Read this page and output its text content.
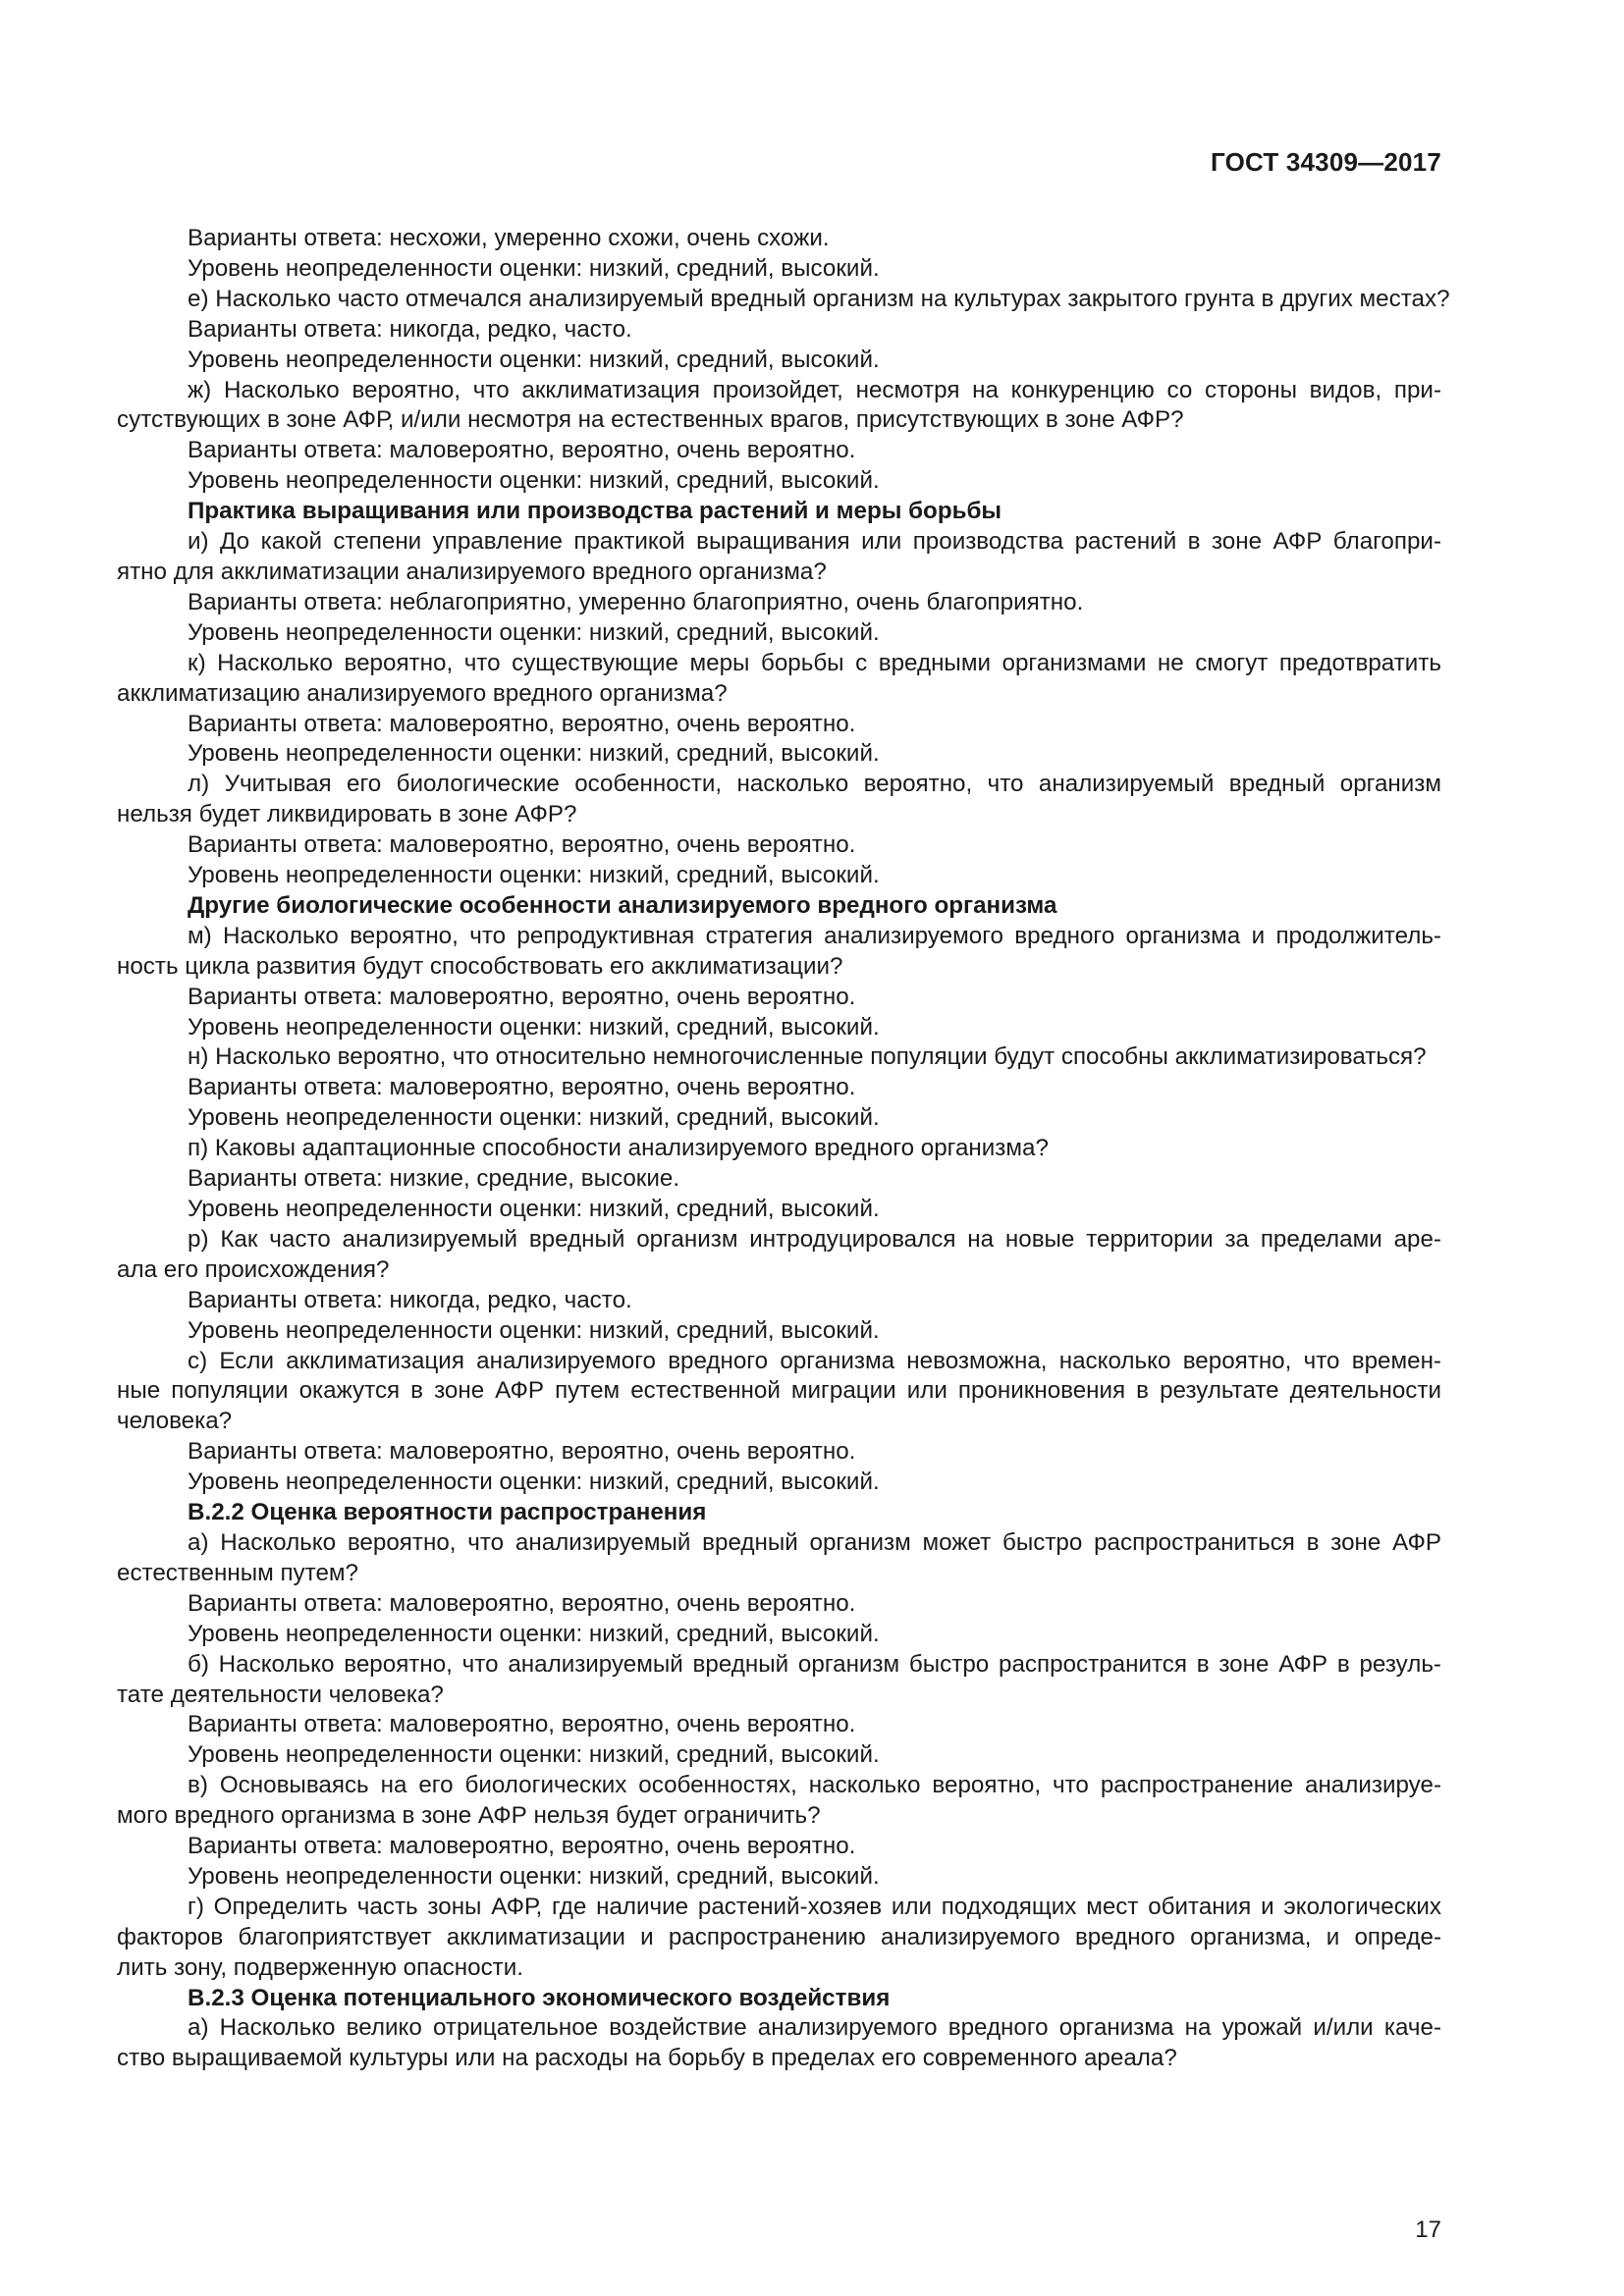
ГОСТ 34309—2017
Варианты ответа: несхожи, умеренно схожи, очень схожи.
Уровень неопределенности оценки: низкий, средний, высокий.
е) Насколько часто отмечался анализируемый вредный организм на культурах закрытого грунта в других местах?
Варианты ответа: никогда, редко, часто.
Уровень неопределенности оценки: низкий, средний, высокий.
ж) Насколько вероятно, что акклиматизация произойдет, несмотря на конкуренцию со стороны видов, при-
сутствующих в зоне АФР, и/или несмотря на естественных врагов, присутствующих в зоне АФР?
Варианты ответа: маловероятно, вероятно, очень вероятно.
Уровень неопределенности оценки: низкий, средний, высокий.
Практика выращивания или производства растений и меры борьбы
и) До какой степени управление практикой выращивания или производства растений в зоне АФР благопри-
ятно для акклиматизации анализируемого вредного организма?
Варианты ответа: неблагоприятно, умеренно благоприятно, очень благоприятно.
Уровень неопределенности оценки: низкий, средний, высокий.
к) Насколько вероятно, что существующие меры борьбы с вредными организмами не смогут предотвратить
акклиматизацию анализируемого вредного организма?
Варианты ответа: маловероятно, вероятно, очень вероятно.
Уровень неопределенности оценки: низкий, средний, высокий.
л) Учитывая его биологические особенности, насколько вероятно, что анализируемый вредный организм
нельзя будет ликвидировать в зоне АФР?
Варианты ответа: маловероятно, вероятно, очень вероятно.
Уровень неопределенности оценки: низкий, средний, высокий.
Другие биологические особенности анализируемого вредного организма
м) Насколько вероятно, что репродуктивная стратегия анализируемого вредного организма и продолжитель-
ность цикла развития будут способствовать его акклиматизации?
Варианты ответа: маловероятно, вероятно, очень вероятно.
Уровень неопределенности оценки: низкий, средний, высокий.
н) Насколько вероятно, что относительно немногочисленные популяции будут способны акклиматизироваться?
Варианты ответа: маловероятно, вероятно, очень вероятно.
Уровень неопределенности оценки: низкий, средний, высокий.
п) Каковы адаптационные способности анализируемого вредного организма?
Варианты ответа: низкие, средние, высокие.
Уровень неопределенности оценки: низкий, средний, высокий.
р) Как часто анализируемый вредный организм интродуцировался на новые территории за пределами аре-
ала его происхождения?
Варианты ответа: никогда, редко, часто.
Уровень неопределенности оценки: низкий, средний, высокий.
с) Если акклиматизация анализируемого вредного организма невозможна, насколько вероятно, что времен-
ные популяции окажутся в зоне АФР путем естественной миграции или проникновения в результате деятельности
человека?
Варианты ответа: маловероятно, вероятно, очень вероятно.
Уровень неопределенности оценки: низкий, средний, высокий.
В.2.2 Оценка вероятности распространения
а) Насколько вероятно, что анализируемый вредный организм может быстро распространиться в зоне АФР
естественным путем?
Варианты ответа: маловероятно, вероятно, очень вероятно.
Уровень неопределенности оценки: низкий, средний, высокий.
б) Насколько вероятно, что анализируемый вредный организм быстро распространится в зоне АФР в резуль-
тате деятельности человека?
Варианты ответа: маловероятно, вероятно, очень вероятно.
Уровень неопределенности оценки: низкий, средний, высокий.
в) Основываясь на его биологических особенностях, насколько вероятно, что распространение анализируе-
мого вредного организма в зоне АФР нельзя будет ограничить?
Варианты ответа: маловероятно, вероятно, очень вероятно.
Уровень неопределенности оценки: низкий, средний, высокий.
г) Определить часть зоны АФР, где наличие растений-хозяев или подходящих мест обитания и экологических
факторов благоприятствует акклиматизации и распространению анализируемого вредного организма, и опреде-
лить зону, подверженную опасности.
В.2.3 Оценка потенциального экономического воздействия
а) Насколько велико отрицательное воздействие анализируемого вредного организма на урожай и/или каче-
ство выращиваемой культуры или на расходы на борьбу в пределах его современного ареала?
17
